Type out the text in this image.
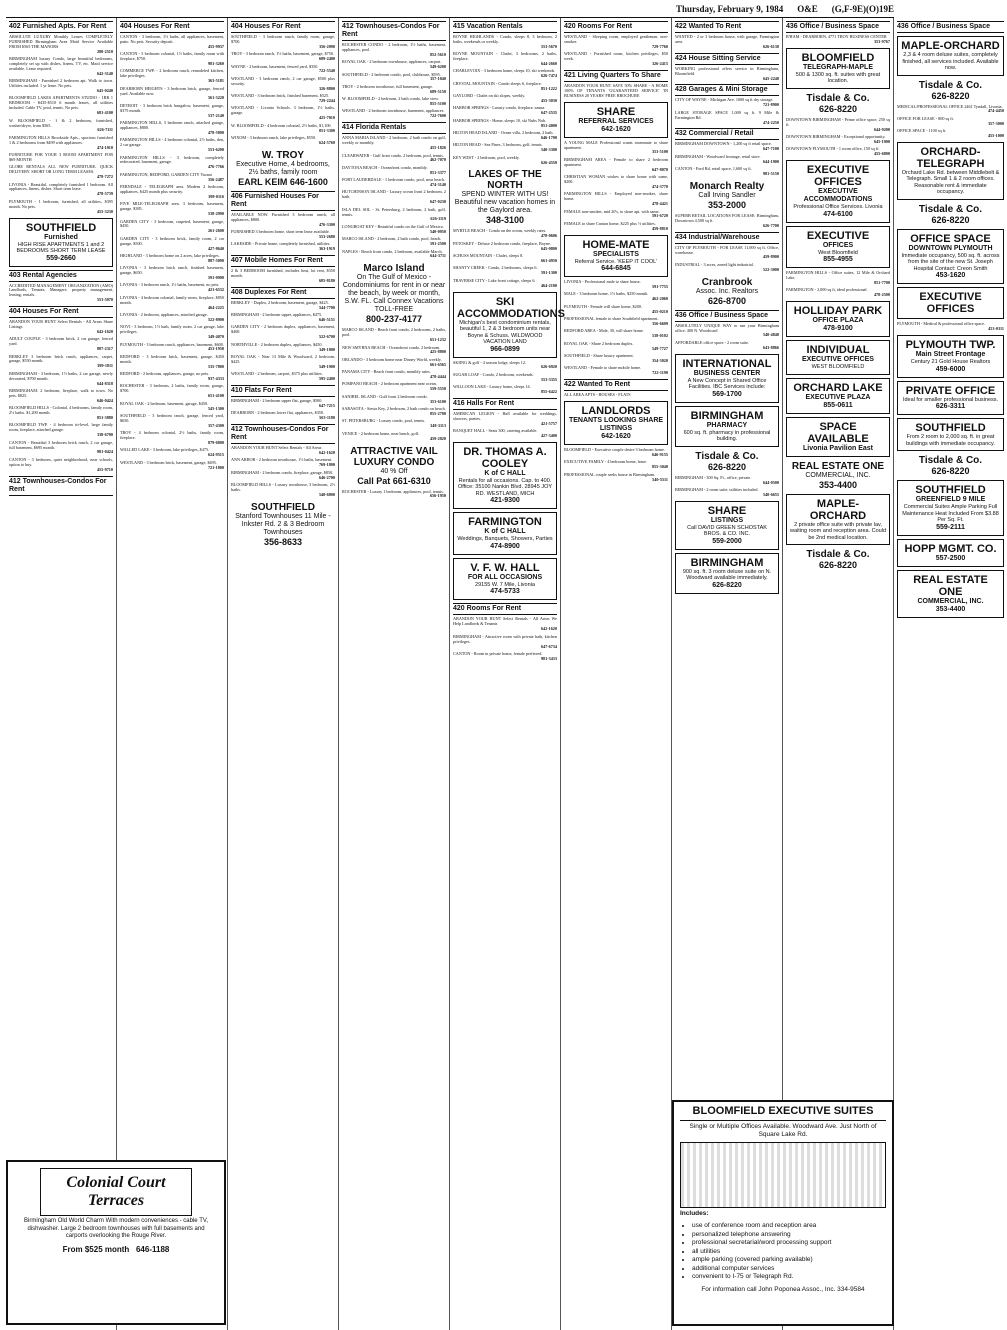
Thursday, February 9, 1984 O&E (G,F-9E)(O)19E
402 Furnished Apts. For Rent
ABSOLUTE LUXURY Monthly Leases COMPLETELY FURNISHED Birmingham Area Maid Service Available FROM $565 THE MANORS
280-2510
BIRMINGHAM luxury Condo, large beautiful bedrooms, completely set up with dishes, linens, TV, etc. Maid service available. Lease required.
642-3140
BIRMINGHAM - Furnished 2 bedroom apt. Walk to town. Utilities included. 1 yr lease. No pets.
645-0240
BLOOMFIELD LAKES APARTMENTS STUDIO - 1BR 1 BEDROOM - $435-$510 6 month leases, all utilities included. Cable TV, pool, tennis. No pets.
681-4100
W. BLOOMFIELD - 1 & 2 bedroom, furnished, washer/dryer, from $565.
626-7111
FARMINGTON HILLS Brookside Apts., spacious furnished 1 & 2 bedrooms from $499 with appliances.
474-1010
FURNITURE FOR YOUR 3 ROOM APARTMENT FOR $69 MONTH
GLOBE RENTALS ALL NEW FURNITURE. QUICK DELIVERY. SHORT OR LONG TERM LEASES.
478-7272
LIVONIA - Beautiful, completely furnished 1 bedroom. All appliances, linens, dishes. Short term lease.
478-5739
PLYMOUTH - 1 bedroom, furnished, all utilities, $395 month. No pets.
455-3230
SOUTHFIELD
Furnished
HIGH RISE APARTMENTS 1 and 2 BEDROOMS SHORT TERM LEASE
559-2660
403 Rental Agencies
ACCREDITED MANAGEMENT ORGANIZATION (AMO) Landlords, Tenants, Managers: property management, leasing, rentals.
553-5070
404 Houses For Rent
ABANDON YOUR HUNT Select Rentals - All Areas Share Listings
642-1620
ADULT COUPLE - 3 bedroom brick, 2 car garage, fenced yard.
887-2317
BERKLEY 3 bedroom brick ranch, appliances, carpet, garage, $550 month.
399-1811
BIRMINGHAM - 3 bedroom, 1½ baths, 2 car garage, newly decorated, $700 month.
644-8318
BIRMINGHAM: 2 bedroom, fireplace, walk to town. No pets. $825.
646-0424
BLOOMFIELD HILLS - Colonial, 4 bedrooms, family room, 2½ baths. $1,200 month.
851-3880
BLOOMFIELD TWP. - 4 bedroom tri-level, large family room, fireplace, attached garage.
338-6700
CANTON - Beautiful 3 bedroom brick ranch, 2 car garage, full basement, $695 month.
981-0424
CANTON - 3 bedroom, quiet neighborhood, near schools, option to buy.
455-9710
412 Townhouses-Condos For Rent
404 Houses For Rent
CANTON - 3 bedroom, 1½ baths, all appliances, basement, patio. No pets. Security deposit.
455-9937
CANTON - 3 bedroom colonial, 1½ baths, family room with fireplace, $750.
981-3260
COMMERCE TWP. - 2 bedroom ranch, remodeled kitchen, lake privileges.
363-5181
DEARBORN HEIGHTS - 3 bedroom brick, garage, fenced yard. Available now.
561-3220
DETROIT - 3 bedroom brick bungalow, basement, garage, $375 month.
537-2140
FARMINGTON HILLS, 3 bedroom ranch, attached garage, appliances, $800.
478-5800
FARMINGTON HILLS - 4 bedroom colonial, 2½ baths, den, 2 car garage.
553-6200
FARMINGTON HILLS - 3 bedroom, completely redecorated, basement, garage.
476-7766
FARMINGTON, REDFORD, GARDEN CITY Vacant
356-2487
FERNDALE - TELEGRAPH area. Modern 2 bedroom, appliances, $425 month plus security.
398-0116
FIVE MILE-TELEGRAPH area. 3 bedroom, basement, garage. $385.
538-2990
GARDEN CITY - 3 bedroom, carpeted, basement, garage, $450.
261-2600
GARDEN CITY - 3 bedroom brick, family room, 2 car garage, $500.
427-8640
HIGHLAND - 3 bedroom home on 2 acres, lake privileges.
887-5090
LIVONIA - 3 bedroom brick ranch, finished basement, garage, $650.
591-0900
LIVONIA - 3 bedroom ranch, 1½ baths, basement, no pets.
421-6532
LIVONIA - 4 bedroom colonial, family room, fireplace, $850 month.
464-2225
LIVONIA - 2 bedroom, appliances, attached garage.
522-8900
NOVI - 3 bedroom, 1½ bath, family room, 2 car garage, lake privileges.
349-4070
PLYMOUTH - 3 bedroom ranch, appliances, basement, $600.
453-1950
REDFORD - 3 bedroom brick, basement, garage. $450 month.
535-7800
REDFORD - 2 bedroom, appliances, garage, no pets.
937-4333
ROCHESTER - 3 bedroom, 2 baths, family room, garage, $700.
651-4100
ROYAL OAK - 2 bedroom, basement, garage, $450.
545-1300
SOUTHFIELD - 3 bedroom ranch, garage, fenced yard, $650.
357-4300
TROY - 4 bedroom colonial, 2½ baths, family room, fireplace.
879-6800
WALLED LAKE - 3 bedroom, lake privileges, $475.
624-9515
WESTLAND - 3 bedroom brick, basement, garage, $495.
721-1800
404 Houses For Rent
SOUTHFIELD - 3 bedroom ranch, family room, garage, $700.
356-2090
TROY - 3 bedroom ranch, 1½ baths, basement, garage, $750.
689-2400
WAYNE - 2 bedroom, basement, fenced yard, $350.
722-5540
WESTLAND - 3 bedroom ranch, 2 car garage, $500 plus security.
326-8800
WESTLAND - 3 bedroom brick, finished basement, $525.
729-2244
WESTLAND - Livonia Schools. 3 bedroom, 1½ baths, garage.
425-7010
W. BLOOMFIELD - 4 bedroom colonial, 2½ baths, $1,100.
851-3300
WIXOM - 3 bedroom ranch, lake privileges, $550.
624-5760
W. TROY
Executive Home, 4 bedrooms, 2½ baths, family room
EARL KEIM 646-1600
406 Furnished Houses For Rent
AVAILABLE NOW. Furnished 3 bedroom ranch, all appliances, $800.
476-3300
FURNISHED 3 bedroom home, short term lease available.
553-2680
LAKESIDE - Private home, completely furnished, utilities.
363-1919
407 Mobile Homes For Rent
2 & 3 BEDROOM furnished, includes heat, lot rent, $350 month.
685-8180
408 Duplexes For Rent
BERKLEY - Duplex, 2 bedroom, basement, garage, $425.
544-7700
BIRMINGHAM - 2 bedroom upper, appliances, $475.
646-5151
GARDEN CITY - 2 bedroom duplex, appliances, basement, $400.
522-6700
NORTHVILLE - 2 bedroom duplex, appliances, $450.
349-1800
ROYAL OAK - Near 13 Mile & Woodward, 2 bedroom, $425.
549-1900
WESTLAND - 2 bedroom, carport, $375 plus utilities.
595-2400
410 Flats For Rent
BIRMINGHAM - 2 bedroom upper flat, garage, $500.
647-7215
DEARBORN - 2 bedroom lower flat, appliances, $350.
563-1180
412 Townhouses-Condos For Rent
ABANDON YOUR HUNT Select Rentals - All Areas
642-1620
ANN ARBOR - 2 bedroom townhouse, 1½ baths, basement.
769-1800
BIRMINGHAM - 2 bedroom condo, fireplace, garage, $850.
646-2700
BLOOMFIELD HILLS - Luxury townhouse, 3 bedroom, 2½ baths.
540-6800
SOUTHFIELD
Stanford Townhouses 11 Mile - Inkster Rd. 2 & 3 Bedroom Townhouses
356-8633
412 Townhouses-Condos For Rent
ROCHESTER CONDO - 2 bedroom, 1½ baths, basement, appliances, pool.
852-5610
ROYAL OAK - 2 bedroom townhouse, appliances, carport.
549-6200
SOUTHFIELD - 2 bedroom condo, pool, clubhouse, $595.
357-1040
TROY - 2 bedroom townhouse, full basement, garage.
689-5150
W. BLOOMFIELD - 2 bedroom, 2 bath condo, lake view.
855-5100
WESTLAND - 2 bedroom townhouse, basement, appliances.
722-7600
414 Florida Rentals
ANNA MARIA ISLAND - 2 bedroom, 2 bath condo on gulf, weekly or monthly.
455-1826
CLEARWATER - Gulf front condo, 2 bedroom, pool, tennis.
462-7070
DAYTONA BEACH - Oceanfront condo, monthly.
851-3377
FORT LAUDERDALE - 1 bedroom condo, pool, near beach.
474-3140
HUTCHINSON ISLAND - Luxury ocean front 2 bedroom, 2 bath.
647-0230
ISLA DEL SOL - St. Petersburg, 2 bedroom, 2 bath, golf, tennis.
626-1119
LONGBOAT KEY - Beautiful condo on the Gulf of Mexico.
540-0950
MARCO ISLAND - 2 bedroom, 2 bath condo, pool, beach.
591-2500
NAPLES - Beach front condo, 2 bedroom, available March.
644-3711
Marco Island
On The Gulf of Mexico - Condominiums for rent in or near the beach, by week or month, S.W. FL. Call Connex Vacations TOLL-FREE
800-237-4177
MARCO ISLAND - Beach front condo, 2 bedrooms, 2 baths, pool.
651-1232
NEW SMYRNA BEACH - Oceanfront condo, 2 bedroom.
425-8800
ORLANDO - 3 bedroom home near Disney World, weekly.
661-6565
PANAMA CITY - Beach front condo, monthly rates.
478-4444
POMPANO BEACH - 2 bedroom apartment near ocean.
559-5550
SANIBEL ISLAND - Gulf front 2 bedroom condo.
353-6100
SARASOTA - Siesta Key, 2 bedroom, 2 bath condo on beach.
855-2700
ST. PETERSBURG - Luxury condo, pool, tennis.
348-3113
VENICE - 2 bedroom home, near beach, golf.
459-2020
ATTRACTIVE VAIL LUXURY CONDO
40 % Off
Call Pat 661-6310
ROCHESTER - Luxury 1 bedroom, appliances, pool, tennis.
656-1950
415 Vacation Rentals
BOYNE HIGHLANDS - Condo, sleeps 8, 3 bedroom, 2 baths, weekends or weekly.
553-5670
BOYNE MOUNTAIN - Chalet, 3 bedrooms, 2 baths, fireplace.
644-2660
CHARLEVOIX - 3 bedroom home, sleeps 10, ski weekends.
626-7474
CRYSTAL MOUNTAIN - Condo sleeps 6, fireplace.
851-1222
GAYLORD - Chalet on ski slopes, weekly.
455-3030
HARBOR SPRINGS - Luxury condo, fireplace, sauna.
647-2535
HARBOR SPRINGS - Home, sleeps 10, ski Nubs Nob.
851-4000
HILTON HEAD ISLAND - Ocean villa, 2 bedroom, 2 bath.
646-1700
HILTON HEAD - Sea Pines, 3 bedroom, golf, tennis.
540-3300
KEY WEST - 2 bedroom, pool, weekly.
626-4550
LAKES OF THE NORTH
SPEND WINTER WITH US! Beautiful new vacation homes in the Gaylord area.
348-3100
MYRTLE BEACH - Condo on the ocean, weekly rates.
478-0606
PETOSKEY - Deluxe 2 bedroom condo, fireplace, Boyne.
645-0800
SCHUSS MOUNTAIN - Chalet, sleeps 8.
661-4950
SHANTY CREEK - Condo, 2 bedrooms, sleeps 6.
591-1300
TRAVERSE CITY - Lake front cottage, sleeps 6.
464-2100
SKI ACCOMMODATIONS
Michigan's best condominium rentals, beautiful 1, 2 & 3 bedroom units near Boyne & Schuss. WILDWOOD VACATION LAND
966-0899
SKIING & golf - 4 season lodge, sleeps 12.
626-6920
SUGAR LOAF - Condo, 2 bedroom, weekends.
553-3355
WALLOON LAKE - Luxury home, sleeps 14.
855-6422
416 Halls For Rent
AMERICAN LEGION - Hall available for weddings, showers, parties.
421-5757
BANQUET HALL - Seats 300, catering available.
427-3400
DR. THOMAS A. COOLEY
K of C HALL
Rentals for all occasions. Cap. to 400. Office: 35100 Nankin Blvd. 28945 JOY RD. WESTLAND, MICH
421-9300
FARMINGTON
K of C HALL
Weddings, Banquets, Showers, Parties
474-8900
V. F. W. HALL
FOR ALL OCCASIONS
29155 W. 7 Mile, Livonia
474-5733
420 Rooms For Rent
ABANDON YOUR HUNT Select Rentals - All Areas We Help Landlords & Tenants
642-1620
BIRMINGHAM - Attractive room with private bath, kitchen privileges.
647-6734
CANTON - Room in private home, female preferred.
981-3433
420 Rooms For Rent
WESTLAND - Sleeping room, employed gentleman, non-smoker.
729-7760
WESTLAND - Furnished room, kitchen privileges, $50 week.
326-2415
421 Living Quarters To Share
ABANDON YOUR HUNT SAVE 50% SHARE - A HOME 100% OF TENANTS 'GUARANTEED SERVICE' 'IN BUSINESS 20 YEARS' FREE BROCHURE
SHARE
REFERRAL SERVICES
642-1620
A YOUNG MALE Professional wants roommate to share apartment.
353-5100
BIRMINGHAM AREA - Female to share 2 bedroom apartment.
647-8070
CHRISTIAN WOMAN wishes to share home with same, $200.
474-3770
FARMINGTON HILLS - Employed non-smoker, share home.
478-4421
FEMALE non-smoker, mid 20's, to share apt. with same.
591-6720
FEMALE to share Canton home, $225 plus ½ utilities.
459-8810
HOME-MATE
SPECIALISTS
Referral Service. 'KEEP IT COOL'
644-6845
LIVONIA - Professional male to share house.
591-7755
MALE - 3 bedroom home, 1½ baths, $250 month.
462-2060
PLYMOUTH - Female will share home, $200.
455-0210
PROFESSIONAL female to share Southfield apartment.
356-6609
REDFORD AREA - Male, 30, will share home.
538-0102
ROYAL OAK - Share 2 bedroom duplex.
549-7727
SOUTHFIELD - Share luxury apartment.
354-3020
WESTLAND - Female to share mobile home.
722-1190
422 Wanted To Rent
ALL AREA APTS - HOUSES - FLATS
LANDLORDS
TENANTS LOOKING SHARE LISTINGS
642-1620
BLOOMFIELD - Executive couple desire 3 bedroom home.
646-9155
EXECUTIVE FAMILY - 4 bedroom home, lease.
855-3040
PROFESSIONAL couple seeks house in Birmingham.
540-5511
422 Wanted To Rent
WANTED - 2 or 3 bedroom house, with garage, Farmington area.
626-6130
424 House Sitting Service
WORKING professional offers service in Birmingham, Bloomfield.
645-2240
428 Garages & Mini Storage
CITY OF WAYNE - Michigan Ave. 1000 sq ft dry storage.
721-8900
LARGE STORAGE SPACE 1,000 sq ft. 9 Mile & Farmington Rd.
474-2250
432 Commercial / Retail
BIRMINGHAM DOWNTOWN - 1,200 sq ft retail space.
647-7100
BIRMINGHAM - Woodward frontage, retail store.
644-1900
CANTON - Ford Rd, retail space, 1,600 sq ft.
981-5150
Monarch Realty
Call Irving Sandler
353-2000
SUPERB RETAIL LOCATIONS FOR LEASE: Birmingham, Downtown 4,500 sq ft.
626-7700
434 Industrial/Warehouse
CITY OF PLYMOUTH - FOR LEASE 11,000 sq ft. Office, warehouse.
459-8900
INDUSTRIAL - 3 acres, zoned light industrial.
522-3000
Cranbrook
Assoc. Inc. Realtors
626-8700
436 Office / Business Space
ABSOLUTELY UNIQUE WAY to run your Birmingham office. 400 N. Woodward
540-4840
AFFORDABLE office space - 2 room suite.
643-8866
INTERNATIONAL
BUSINESS CENTER
A New Concept in Shared Office Facilities. IBC Services include:
569-1700
BIRMINGHAM
PHARMACY
600 sq. ft. pharmacy in professional building.
Tisdale & Co.
626-8220
BIRMINGHAM - 300 Sq. Ft., office, private.
644-0500
BIRMINGHAM - 2 room suite, utilities included.
540-6655
SHARE
LISTINGS
Call DAVID GREEN SCHOSTAK BROS. & CO. INC.
559-2000
BIRMINGHAM
900 sq. ft. 3 room deluxe suite on N. Woodward available immediately.
626-8220
436 Office / Business Space
B'HAM - DEARBORN, 4771 TROY BUSINESS CENTER
353-9767
BLOOMFIELD
TELEGRAPH-MAPLE
500 & 1300 sq. ft. suites with great location.
Tisdale & Co.
626-8220
DOWNTOWN BIRMINGHAM - Prime office space, 250 sq ft.
644-9200
DOWNTOWN BIRMINGHAM - Exceptional opportunity.
645-1900
DOWNTOWN PLYMOUTH - 1 room office, 150 sq ft.
455-6800
EXECUTIVE OFFICES
EXECUTIVE ACCOMMODATIONS
Professional Office Services. Livonia
474-6100
EXECUTIVE
OFFICES
West Bloomfield
855-4955
FARMINGTON HILLS - Office suites, 12 Mile & Orchard Lake.
851-7700
FARMINGTON - 2,000 sq ft, ideal professional.
478-2500
HOLLIDAY PARK
OFFICE PLAZA
478-9100
INDIVIDUAL
EXECUTIVE OFFICES
WEST BLOOMFIELD
ORCHARD LAKE
EXECUTIVE PLAZA
855-0611
SPACE AVAILABLE
Livonia Pavilion East
REAL ESTATE ONE
COMMERCIAL, INC.
353-4400
MAPLE-ORCHARD
2 private office suite with private lav, waiting room and reception area. Could be 2nd medical location.
Tisdale & Co.
626-8220
436 Office / Business Space
MAPLE-ORCHARD
2,3 & 4 room deluxe suites, completely finished, all services included. Available now.
Tisdale & Co.
626-8220
MEDICAL/PROFESSIONAL OFFICE 2461 Tyndall, Livonia.
474-4450
OFFICE FOR LEASE - 800 sq ft.
357-3000
OFFICE SPACE - 1100 sq ft.
455-1000
ORCHARD-TELEGRAPH
Orchard Lake Rd. between Middlebelt & Telegraph. Small 1 & 2 room offices. Reasonable rent & immediate occupancy.
Tisdale & Co.
626-8220
OFFICE SPACE
DOWNTOWN PLYMOUTH
Immediate occupancy, 500 sq. ft. across from the site of the new St. Joseph Hospital Contact: Creon Smith
453-1620
EXECUTIVE OFFICES
PLYMOUTH - Medical & professional office space.
453-0311
PLYMOUTH TWP.
Main Street Frontage
Century 21 Gold House Realtors
459-6000
PRIVATE OFFICE
Ideal for smaller professional business.
626-3311
SOUTHFIELD
From 2 room to 2,000 sq. ft. in great buildings with immediate occupancy.
Tisdale & Co.
626-8220
SOUTHFIELD
GREENFIELD 9 MILE
Commercial Suites Ample Parking Full Maintenance Heat Included From $3.88 Per Sq. Ft.
559-2111
HOPP MGMT. CO.
557-2500
REAL ESTATE ONE
COMMERCIAL, INC.
353-4400
Colonial Court Terraces
Birmingham Old World Charm With modern conveniences - cable TV, dishwasher. Large 2 bedroom townhouses with full basements and carports overlooking the Rouge River.
From $525 month 646-1188
BLOOMFIELD EXECUTIVE SUITES
Single or Multiple Offices Available. Woodward Ave. Just North of Square Lake Rd.
Includes:
• use of conference room and reception area
• personalized telephone answering
• professional secretarial/word processing support
• all utilities
• ample parking (covered parking available)
• additional computer services
• convenient to I-75 or Telegraph Rd.
For information call John Poponea Assoc., Inc. 334-9584
